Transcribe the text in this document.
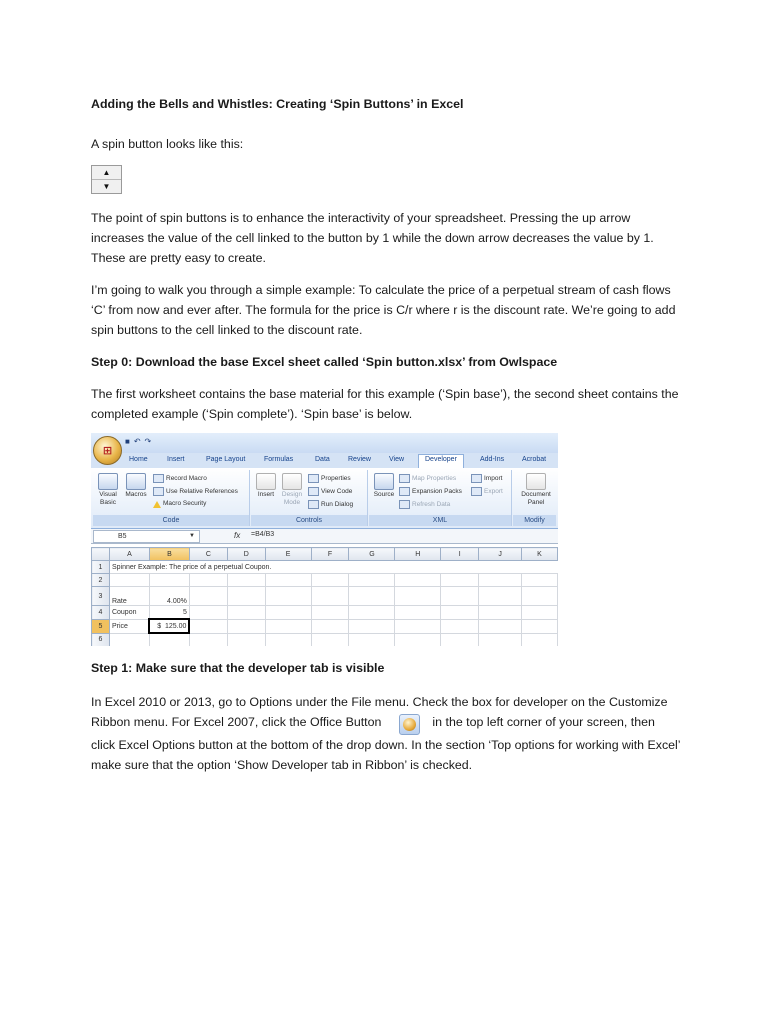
Adding the Bells and Whistles: Creating ‘Spin Buttons’ in Excel

A spin button looks like this:

▲
▼

The point of spin buttons is to enhance the interactivity of your spreadsheet. Pressing the up arrow increases the value of the cell linked to the button by 1 while the down arrow decreases the value by 1. These are pretty easy to create.

I’m going to walk you through a simple example: To calculate the price of a perpetual stream of cash flows ‘C’ from now and ever after. The formula for the price is C/r where r is the discount rate. We’re going to add spin buttons to the cell linked to the discount rate.

Step 0: Download the base Excel sheet called ‘Spin button.xlsx’ from Owlspace

The first worksheet contains the base material for this example (‘Spin base’), the second sheet contains the completed example (‘Spin complete’). ‘Spin base’ is below.

■ ↶ ↷
⊞
Home	Insert	Page Layout	Formulas	Data	Review	View	Developer	Add-Ins	Acrobat
Visual Basic
Macros
Record Macro
Use Relative References
Macro Security
Code
Insert	Design Mode
Properties
View Code
Run Dialog
Controls
Source
Map Properties
Expansion Packs
Refresh Data
Import
Export
XML
Document Panel
Modify
B5	▼	fx =B4/B3
	A	B	C	D	E	F	G	H	I	J	K
1	Spinner Example: The price of a perpetual Coupon.										
2											
3	Rate	4.00%									
4	Coupon	5									
5	Price	$  125.00									
6											

Step 1: Make sure that the developer tab is visible

In Excel 2010 or 2013, go to Options under the File menu. Check the box for developer on the Customize Ribbon menu. For Excel 2007, click the Office Button	in the top left corner of your screen, then click Excel Options button at the bottom of the drop down. In the section ‘Top options for working with Excel’ make sure that the option ‘Show Developer tab in Ribbon’ is checked.
